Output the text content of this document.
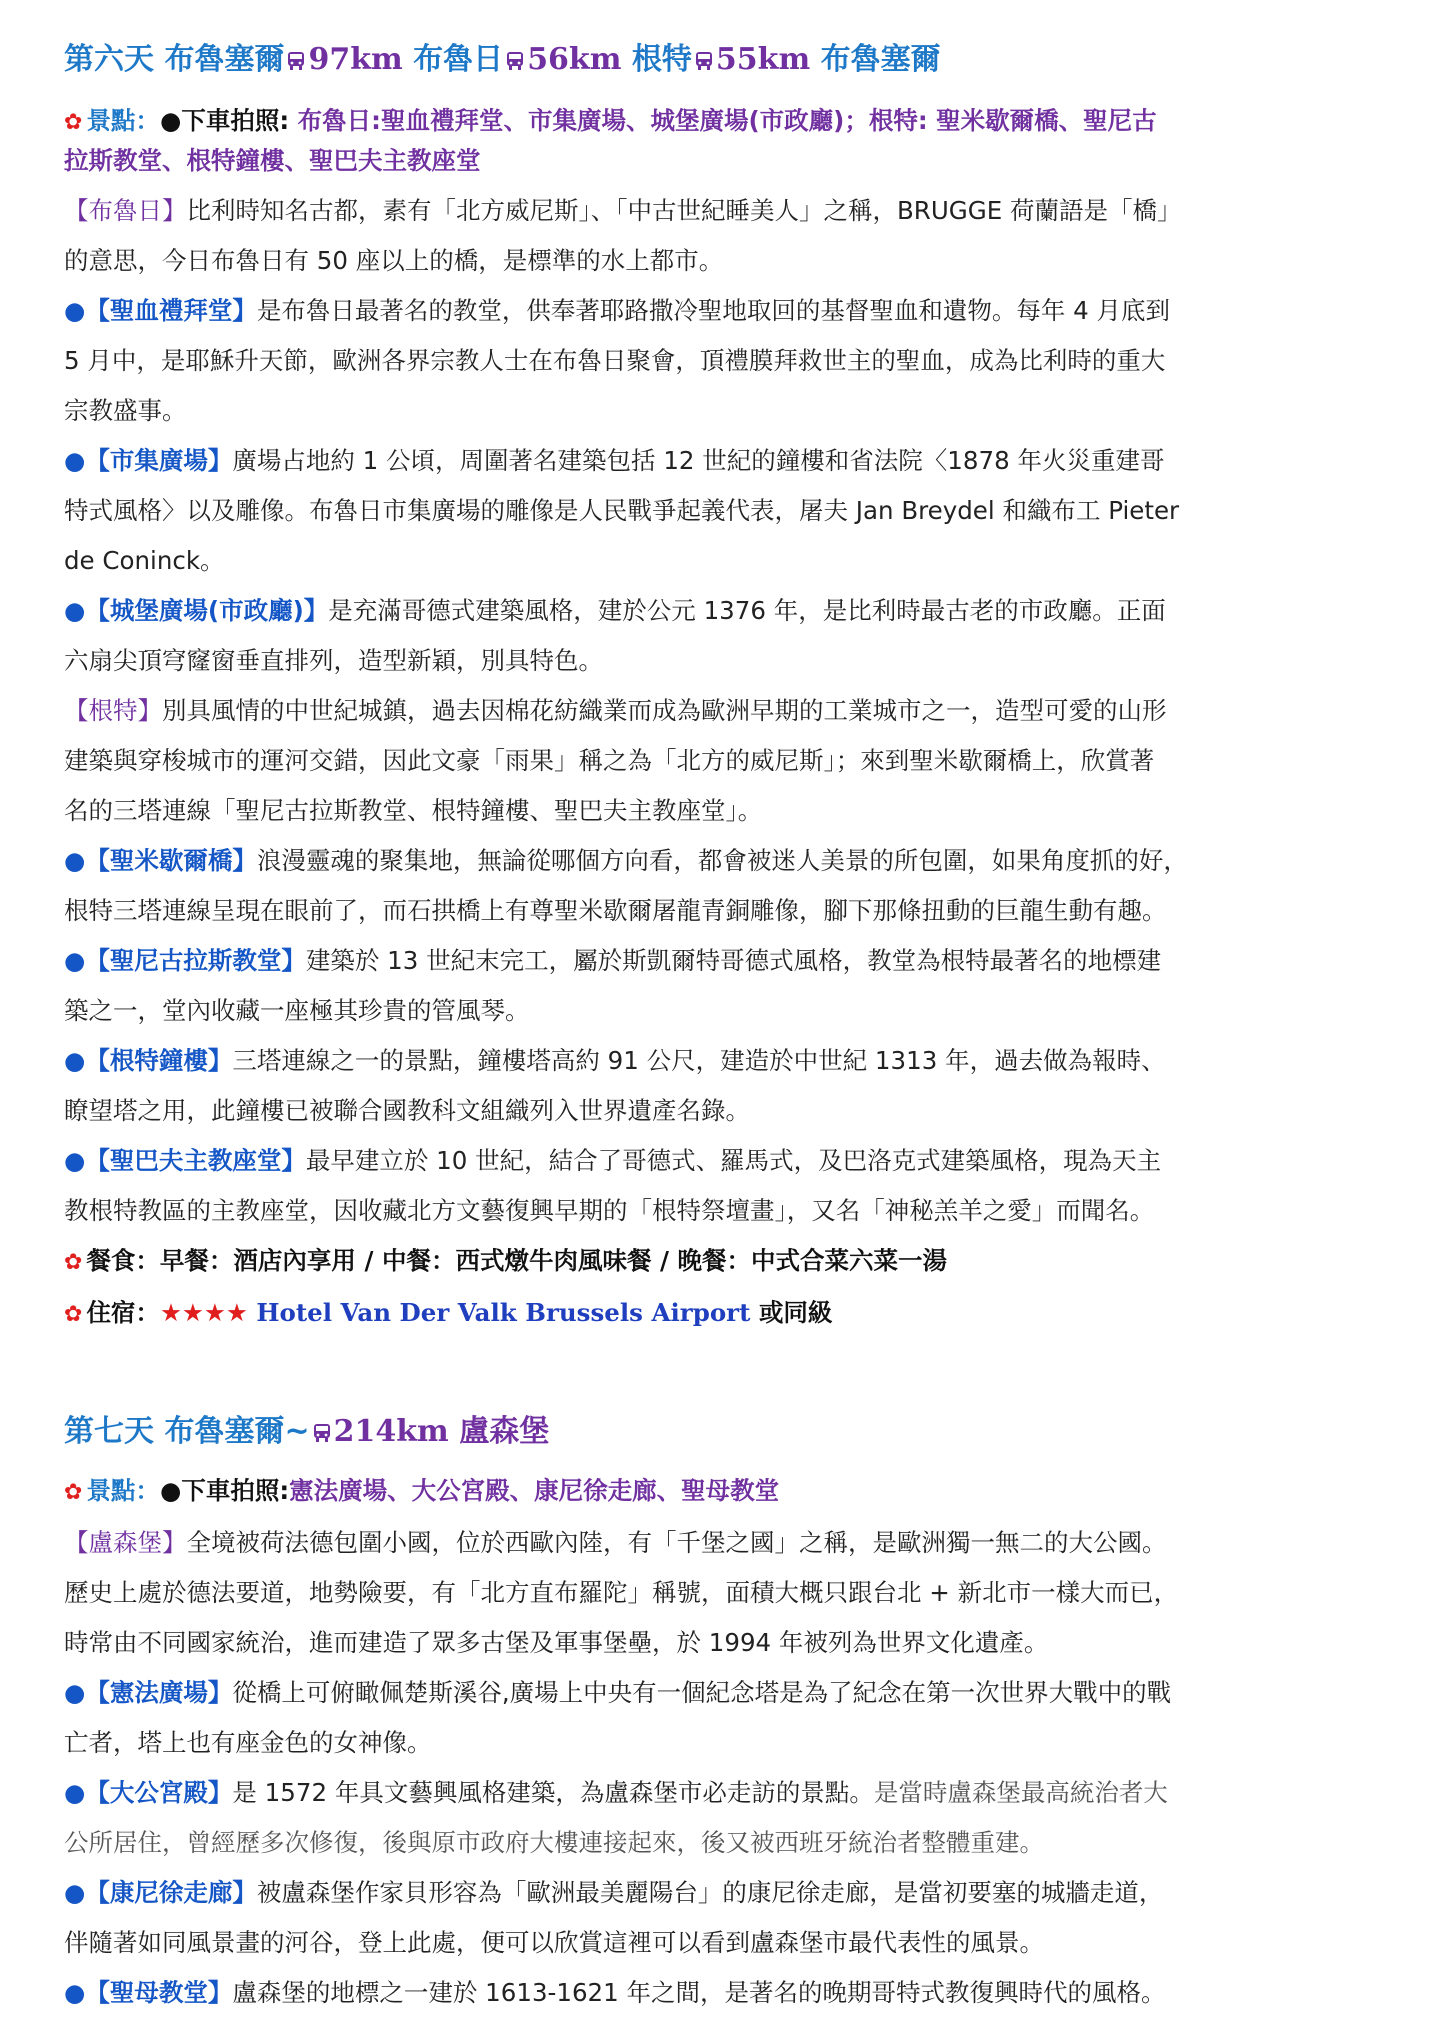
第六天 布魯塞爾 97km 布魯日 56km 根特 55km 布魯塞爾
✿ 景點：●下車拍照: 布魯日:聖血禮拜堂、市集廣場、城堡廣場(市政廳)；根特: 聖米歇爾橋、聖尼古
拉斯教堂、根特鐘樓、聖巴夫主教座堂
【布魯日】比利時知名古都，素有「北方威尼斯」、「中古世紀睡美人」之稱，BRUGGE 荷蘭語是「橋」
的意思，今日布魯日有 50 座以上的橋，是標準的水上都市。
●【聖血禮拜堂】是布魯日最著名的教堂，供奉著耶路撒冷聖地取回的基督聖血和遺物。每年 4 月底到
5 月中，是耶穌升天節，歐洲各界宗教人士在布魯日聚會，頂禮膜拜救世主的聖血，成為比利時的重大
宗教盛事。
●【市集廣場】廣場占地約 1 公頃，周圍著名建築包括 12 世紀的鐘樓和省法院〈1878 年火災重建哥
特式風格〉以及雕像。布魯日市集廣場的雕像是人民戰爭起義代表，屠夫 Jan Breydel 和織布工 Pieter
de Coninck。
●【城堡廣場(市政廳)】是充滿哥德式建築風格，建於公元 1376 年，是比利時最古老的市政廳。正面
六扇尖頂穹窿窗垂直排列，造型新穎，別具特色。
【根特】別具風情的中世紀城鎮，過去因棉花紡織業而成為歐洲早期的工業城市之一，造型可愛的山形
建築與穿梭城市的運河交錯，因此文豪「雨果」稱之為「北方的威尼斯」；來到聖米歇爾橋上，欣賞著
名的三塔連線「聖尼古拉斯教堂、根特鐘樓、聖巴夫主教座堂」。
●【聖米歇爾橋】浪漫靈魂的聚集地，無論從哪個方向看，都會被迷人美景的所包圍，如果角度抓的好，
根特三塔連線呈現在眼前了，而石拱橋上有尊聖米歇爾屠龍青銅雕像，腳下那條扭動的巨龍生動有趣。
●【聖尼古拉斯教堂】建築於 13 世紀末完工，屬於斯凱爾特哥德式風格，教堂為根特最著名的地標建
築之一，堂內收藏一座極其珍貴的管風琴。
●【根特鐘樓】三塔連線之一的景點，鐘樓塔高約 91 公尺，建造於中世紀 1313 年，過去做為報時、
瞭望塔之用，此鐘樓已被聯合國教科文組織列入世界遺產名錄。
●【聖巴夫主教座堂】最早建立於 10 世紀，結合了哥德式、羅馬式，及巴洛克式建築風格，現為天主
教根特教區的主教座堂，因收藏北方文藝復興早期的「根特祭壇畫」，又名「神秘羔羊之愛」而聞名。
✿ 餐食：早餐：酒店內享用 / 中餐：西式燉牛肉風味餐 / 晚餐：中式合菜六菜一湯
✿ 住宿：★★★★ Hotel Van Der Valk Brussels Airport 或同級
第七天 布魯塞爾~ 214km 盧森堡
✿ 景點：●下車拍照:憲法廣場、大公宮殿、康尼徐走廊、聖母教堂
【盧森堡】全境被荷法德包圍小國，位於西歐內陸，有「千堡之國」之稱，是歐洲獨一無二的大公國。
歷史上處於德法要道，地勢險要，有「北方直布羅陀」稱號，面積大概只跟台北 + 新北市一樣大而已，
時常由不同國家統治，進而建造了眾多古堡及軍事堡壘，於 1994 年被列為世界文化遺產。
●【憲法廣場】從橋上可俯瞰佩楚斯溪谷,廣場上中央有一個紀念塔是為了紀念在第一次世界大戰中的戰
亡者，塔上也有座金色的女神像。
●【大公宮殿】是 1572 年具文藝興風格建築，為盧森堡市必走訪的景點。是當時盧森堡最高統治者大
公所居住，曾經歷多次修復，後與原市政府大樓連接起來，後又被西班牙統治者整體重建。
●【康尼徐走廊】被盧森堡作家貝形容為「歐洲最美麗陽台」的康尼徐走廊，是當初要塞的城牆走道，
伴隨著如同風景畫的河谷，登上此處，便可以欣賞這裡可以看到盧森堡市最代表性的風景。
●【聖母教堂】盧森堡的地標之一建於 1613-1621 年之間，是著名的晚期哥特式教復興時代的風格。
